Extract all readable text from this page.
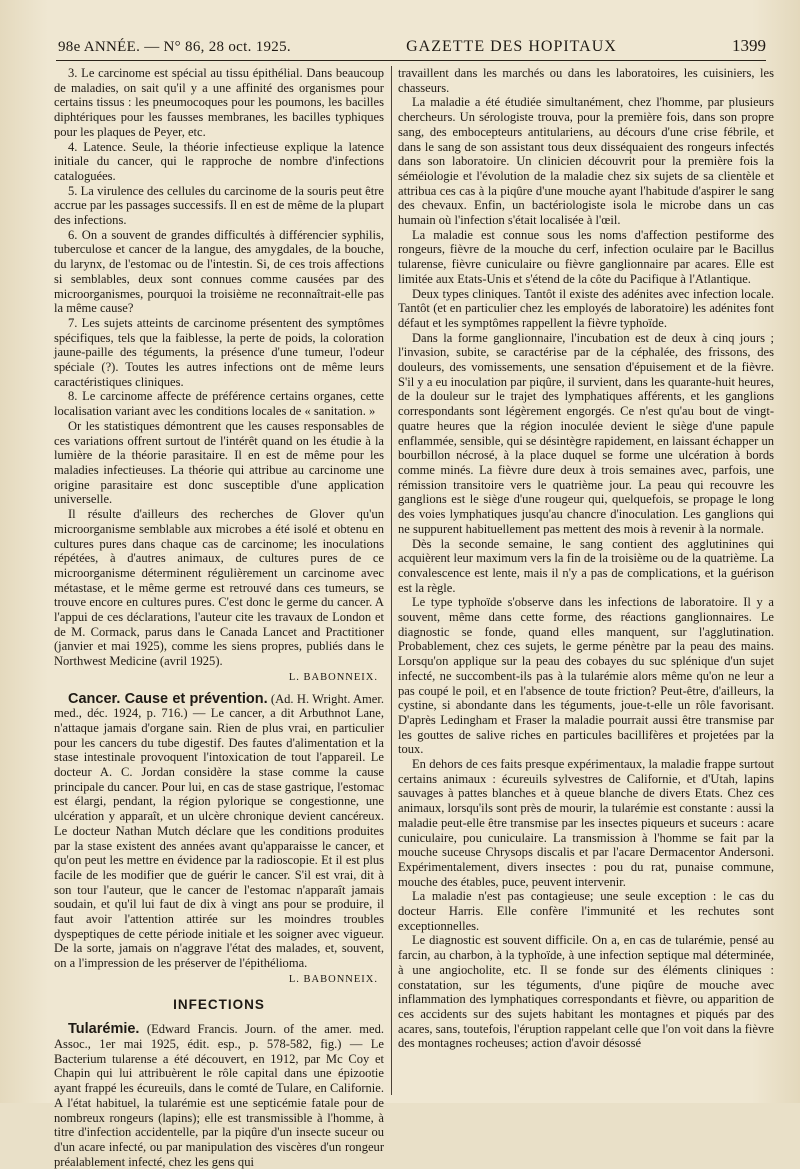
98e ANNÉE. — N° 86, 28 oct. 1925.	GAZETTE DES HOPITAUX	1399

3. Le carcinome est spécial au tissu épithélial. Dans beaucoup de maladies, on sait qu'il y a une affinité des organismes pour certains tissus : les pneumocoques pour les poumons, les bacilles diphtériques pour les fausses membranes, les bacilles typhiques pour les plaques de Peyer, etc.

4. Latence. Seule, la théorie infectieuse explique la latence initiale du cancer, qui le rapproche de nombre d'infections cataloguées.

5. La virulence des cellules du carcinome de la souris peut être accrue par les passages successifs. Il en est de même de la plupart des infections.

6. On a souvent de grandes difficultés à différencier syphilis, tuberculose et cancer de la langue, des amygdales, de la bouche, du larynx, de l'estomac ou de l'intestin. Si, de ces trois affections si semblables, deux sont connues comme causées par des microorganismes, pourquoi la troisième ne reconnaîtrait-elle pas la même cause?

7. Les sujets atteints de carcinome présentent des symptômes spécifiques, tels que la faiblesse, la perte de poids, la coloration jaune-paille des téguments, la présence d'une tumeur, l'odeur spéciale (?). Toutes les autres infections ont de même leurs caractéristiques cliniques.

8. Le carcinome affecte de préférence certains organes, cette localisation variant avec les conditions locales de « sanitation. »

Or les statistiques démontrent que les causes responsables de ces variations offrent surtout de l'intérêt quand on les étudie à la lumière de la théorie parasitaire. Il en est de même pour les maladies infectieuses. La théorie qui attribue au carcinome une origine parasitaire est donc susceptible d'une application universelle.

Il résulte d'ailleurs des recherches de Glover qu'un microorganisme semblable aux microbes a été isolé et obtenu en cultures pures dans chaque cas de carcinome; les inoculations répétées, à d'autres animaux, de cultures pures de ce microorganisme déterminent régulièrement un carcinome avec métastase, et le même germe est retrouvé dans ces tumeurs, se trouve encore en cultures pures. C'est donc le germe du cancer. A l'appui de ces déclarations, l'auteur cite les travaux de London et de M. Cormack, parus dans le Canada Lancet and Practitioner (janvier et mai 1925), comme les siens propres, publiés dans le Northwest Medicine (avril 1925).

L. BABONNEIX.

Cancer. Cause et prévention. (Ad. H. Wright. Amer. med., déc. 1924, p. 716.) — Le cancer, a dit Arbuthnot Lane, n'attaque jamais d'organe sain. Rien de plus vrai, en particulier pour les cancers du tube digestif. Des fautes d'alimentation et la stase intestinale provoquent l'intoxication de tout l'appareil. Le docteur A. C. Jordan considère la stase comme la cause principale du cancer. Pour lui, en cas de stase gastrique, l'estomac est élargi, pendant, la région pylorique se congestionne, une ulcération y apparaît, et un ulcère chronique devient cancéreux. Le docteur Nathan Mutch déclare que les conditions produites par la stase existent des années avant qu'apparaisse le cancer, et qu'on peut les mettre en évidence par la radioscopie. Et il est plus facile de les modifier que de guérir le cancer. S'il est vrai, dit à son tour l'auteur, que le cancer de l'estomac n'apparaît jamais soudain, et qu'il lui faut de dix à vingt ans pour se produire, il faut avoir l'attention attirée sur les moindres troubles dyspeptiques de cette période initiale et les soigner avec vigueur. De la sorte, jamais on n'aggrave l'état des malades, et, souvent, on a l'impression de les préserver de l'épithélioma.

L. BABONNEIX.
INFECTIONS

Tularémie. (Edward Francis. Journ. of the amer. med. Assoc., 1er mai 1925, édit. esp., p. 578-582, fig.) — Le Bacterium tularense a été découvert, en 1912, par Mc Coy et Chapin qui lui attribuèrent le rôle capital dans une épizootie ayant frappé les écureuils, dans le comté de Tulare, en Californie. A l'état habituel, la tularémie est une septicémie fatale pour de nombreux rongeurs (lapins); elle est transmissible à l'homme, à titre d'infection accidentelle, par la piqûre d'un insecte suceur ou d'un acare infecté, ou par manipulation des viscères d'un rongeur préalablement infecté, chez les gens qui

travaillent dans les marchés ou dans les laboratoires, les cuisiniers, les chasseurs.

La maladie a été étudiée simultanément, chez l'homme, par plusieurs chercheurs. Un sérologiste trouva, pour la première fois, dans son propre sang, des embocepteurs antitulariens, au décours d'une crise fébrile, et dans le sang de son assistant tous deux disséquaient des rongeurs infectés dans son laboratoire. Un clinicien découvrit pour la première fois la séméiologie et l'évolution de la maladie chez six sujets de sa clientèle et attribua ces cas à la piqûre d'une mouche ayant l'habitude d'aspirer le sang des chevaux. Enfin, un bactériologiste isola le microbe dans un cas humain où l'infection s'était localisée à l'œil.

La maladie est connue sous les noms d'affection pestiforme des rongeurs, fièvre de la mouche du cerf, infection oculaire par le Bacillus tularense, fièvre cuniculaire ou fièvre ganglionnaire par acares. Elle est limitée aux Etats-Unis et s'étend de la côte du Pacifique à l'Atlantique.

Deux types cliniques. Tantôt il existe des adénites avec infection locale. Tantôt (et en particulier chez les employés de laboratoire) les adénites font défaut et les symptômes rappellent la fièvre typhoïde.

Dans la forme ganglionnaire, l'incubation est de deux à cinq jours ; l'invasion, subite, se caractérise par de la céphalée, des frissons, des douleurs, des vomissements, une sensation d'épuisement et de la fièvre. S'il y a eu inoculation par piqûre, il survient, dans les quarante-huit heures, de la douleur sur le trajet des lymphatiques afférents, et les ganglions correspondants sont légèrement engorgés. Ce n'est qu'au bout de vingt-quatre heures que la région inoculée devient le siège d'une papule enflammée, sensible, qui se désintègre rapidement, en laissant échapper un bourbillon nécrosé, à la place duquel se forme une ulcération à bords comme minés. La fièvre dure deux à trois semaines avec, parfois, une rémission transitoire vers le quatrième jour. La peau qui recouvre les ganglions est le siège d'une rougeur qui, quelquefois, se propage le long des voies lymphatiques jusqu'au chancre d'inoculation. Les ganglions qui ne suppurent habituellement pas mettent des mois à revenir à la normale.

Dès la seconde semaine, le sang contient des agglutinines qui acquièrent leur maximum vers la fin de la troisième ou de la quatrième. La convalescence est lente, mais il n'y a pas de complications, et la guérison est la règle.

Le type typhoïde s'observe dans les infections de laboratoire. Il y a souvent, même dans cette forme, des réactions ganglionnaires. Le diagnostic se fonde, quand elles manquent, sur l'agglutination. Probablement, chez ces sujets, le germe pénètre par la peau des mains. Lorsqu'on applique sur la peau des cobayes du suc splénique d'un sujet infecté, ne succombent-ils pas à la tularémie alors même qu'on ne leur a pas coupé le poil, et en l'absence de toute friction? Peut-être, d'ailleurs, la cystine, si abondante dans les téguments, joue-t-elle un rôle favorisant. D'après Ledingham et Fraser la maladie pourrait aussi être transmise par les gouttes de salive riches en particules bacillifères et projetées par la toux.

En dehors de ces faits presque expérimentaux, la maladie frappe surtout certains animaux : écureuils sylvestres de Californie, et d'Utah, lapins sauvages à pattes blanches et à queue blanche de divers Etats. Chez ces animaux, lorsqu'ils sont près de mourir, la tularémie est constante : aussi la maladie peut-elle être transmise par les insectes piqueurs et suceurs : acare cuniculaire, pou cuniculaire. La transmission à l'homme se fait par la mouche suceuse Chrysops discalis et par l'acare Dermacentor Andersoni. Expérimentalement, divers insectes : pou du rat, punaise commune, mouche des étables, puce, peuvent intervenir.

La maladie n'est pas contagieuse; une seule exception : le cas du docteur Harris. Elle confère l'immunité et les rechutes sont exceptionnelles.

Le diagnostic est souvent difficile. On a, en cas de tularémie, pensé au farcin, au charbon, à la typhoïde, à une infection septique mal déterminée, à une angiocholite, etc. Il se fonde sur des éléments cliniques : constatation, sur les téguments, d'une piqûre de mouche avec inflammation des lymphatiques correspondants et fièvre, ou apparition de ces accidents sur des sujets habitant les montagnes et piqués par des acares, sans, toutefois, l'éruption rappelant celle que l'on voit dans la fièvre des montagnes rocheuses; action d'avoir désossé
